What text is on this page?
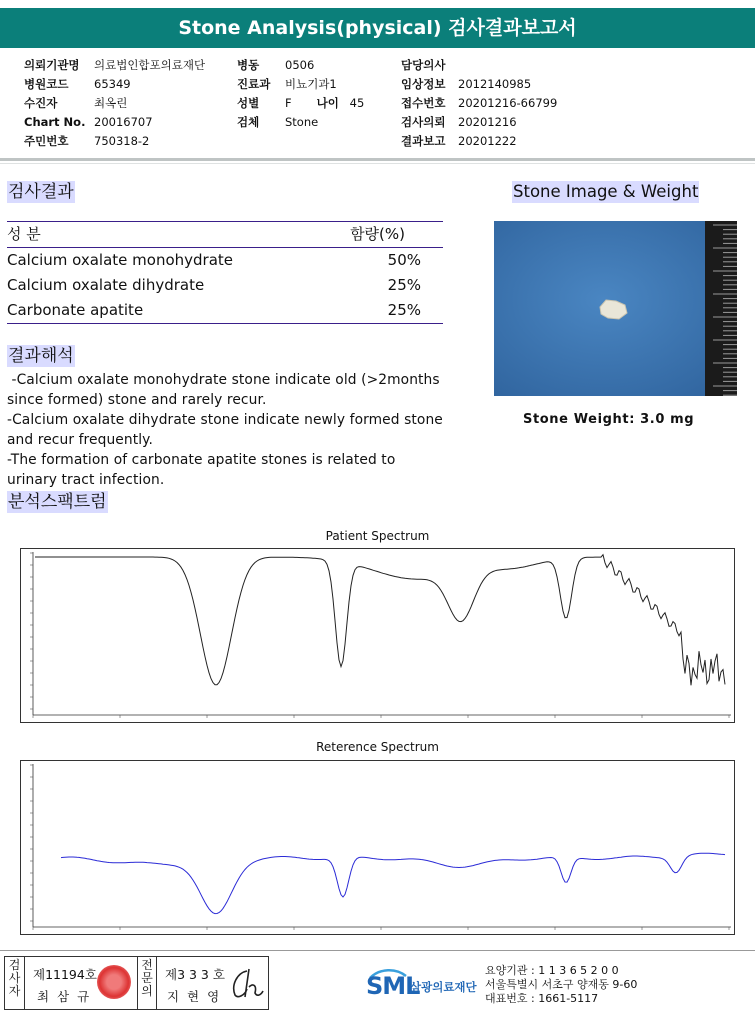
Stone Analysis(physical) 검사결과보고서
의뢰기관명	의료법인합포의료재단
병원코드	65349
수진자	최옥린
Chart No. 20016707
주민번호	750318-2
병동	0506
진료과	비뇨기과1
성별	F 나이 45
검체	Stone
담당의사
임상정보	2012140985
접수번호	20201216-66799
검사의뢰	20201216
결과보고	20201222
검사결과
성 분	함량(%)
Calcium oxalate monohydrate	50%
Calcium oxalate dihydrate	25%
Carbonate apatite	25%
Stone Image & Weight
Stone Weight: 3.0 mg
결과해석
-Calcium oxalate monohydrate stone indicate old (>2months
since formed) stone and rarely recur.
-Calcium oxalate dihydrate stone indicate newly formed stone
and recur frequently.
-The formation of carbonate apatite stones is related to
urinary tract infection.
분석스팩트럼
Patient Spectrum
Reterence Spectrum
검사자
제11194호
최 삼 규
전문의
제3 3 3 호
지 현 영	SML
삼광의료재단
요양기관 : 1 1 3 6 5 2 0 0
서울특별시 서초구 양재동 9-60
대표번호 : 1661-5117
